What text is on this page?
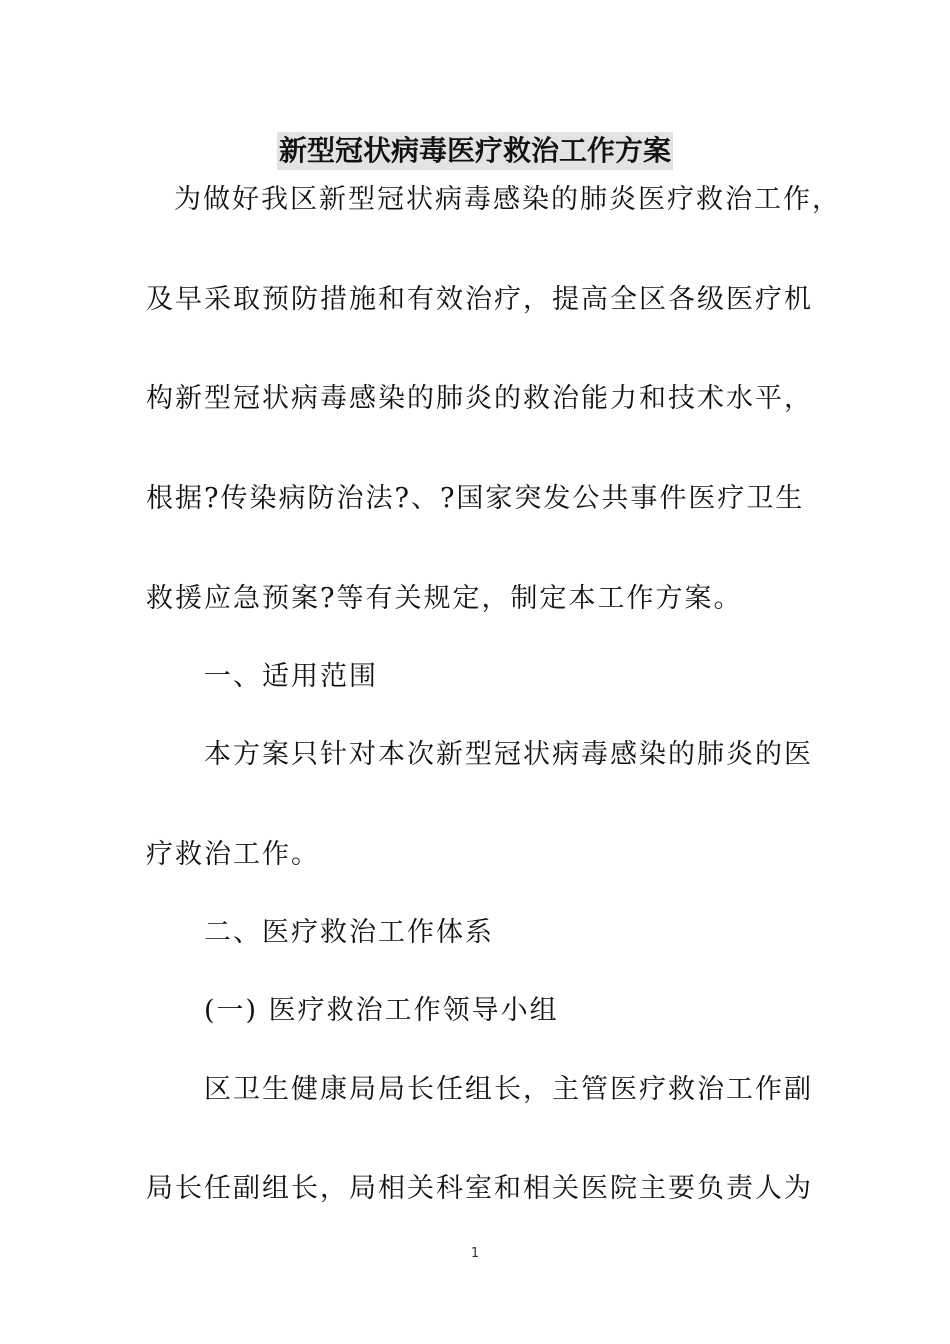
新型冠状病毒医疗救治工作方案

为做好我区新型冠状病毒感染的肺炎医疗救治工作，

及早采取预防措施和有效治疗，提高全区各级医疗机

构新型冠状病毒感染的肺炎的救治能力和技术水平，

根据?传染病防治法?、?国家突发公共事件医疗卫生

救援应急预案?等有关规定，制定本工作方案。

一、适用范围

本方案只针对本次新型冠状病毒感染的肺炎的医

疗救治工作。

二、医疗救治工作体系

(一) 医疗救治工作领导小组

区卫生健康局局长任组长，主管医疗救治工作副

局长任副组长，局相关科室和相关医院主要负责人为

1
